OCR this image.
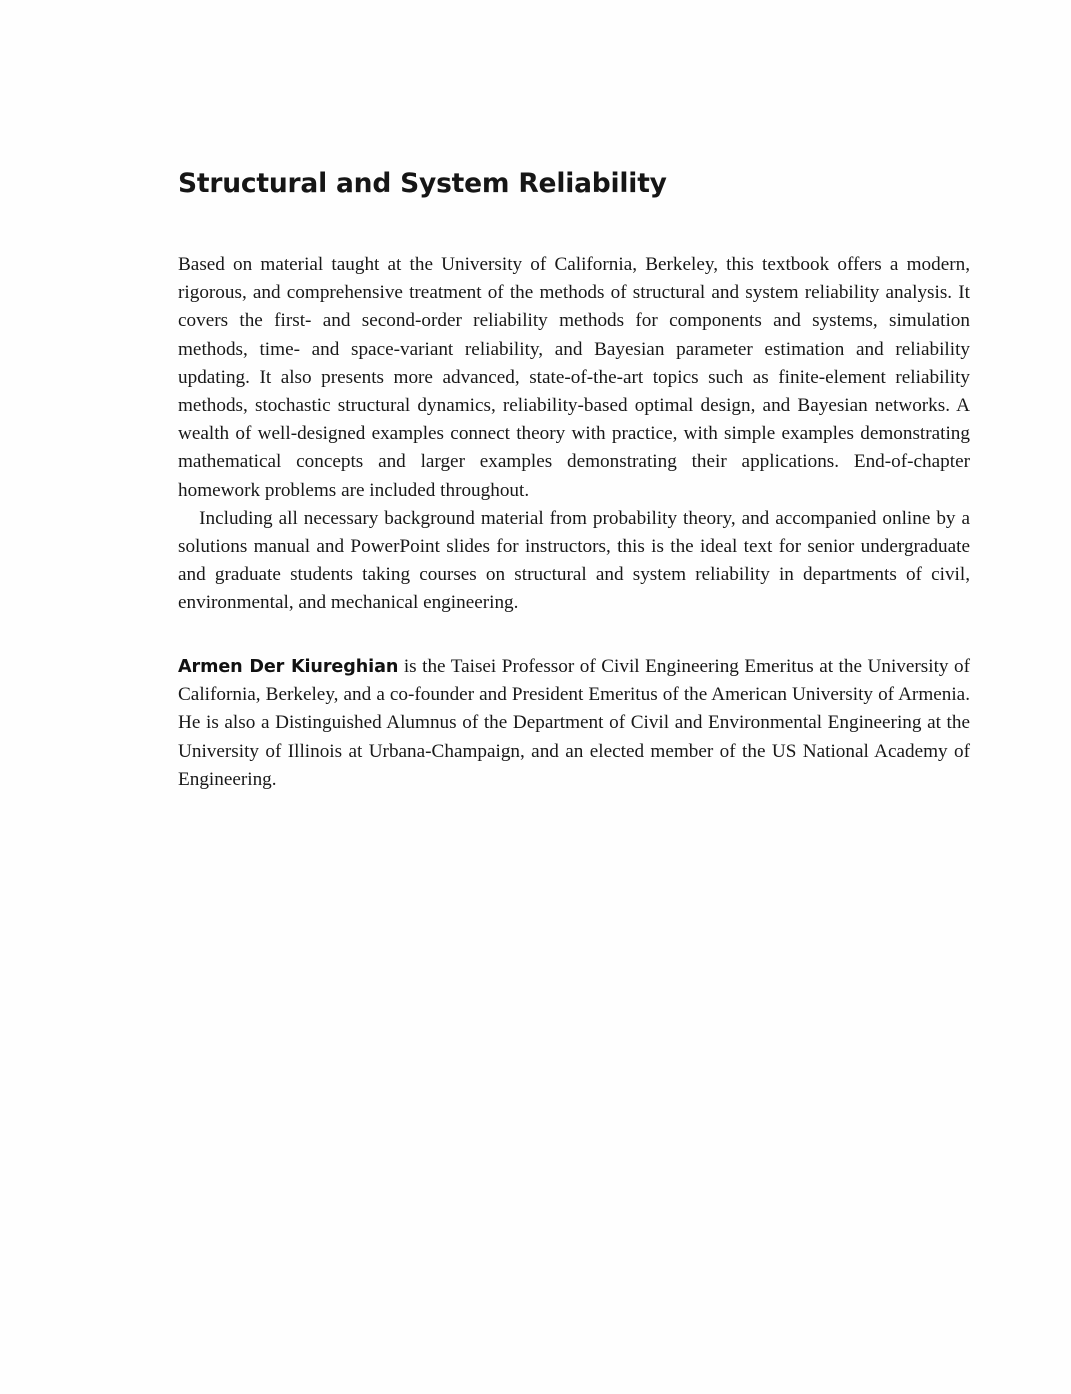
Structural and System Reliability

Based on material taught at the University of California, Berkeley, this textbook offers a modern, rigorous, and comprehensive treatment of the methods of structural and system reliability analysis. It covers the first- and second-order reliability methods for components and systems, simulation methods, time- and space-variant reliability, and Bayesian parameter estimation and reliability updating. It also presents more advanced, state-of-the-art topics such as finite-element reliability methods, stochastic structural dynamics, reliability-based optimal design, and Bayesian networks. A wealth of well-designed examples connect theory with practice, with simple examples demonstrating mathematical concepts and larger examples demonstrating their applications. End-of-chapter homework problems are included throughout.

Including all necessary background material from probability theory, and accompanied online by a solutions manual and PowerPoint slides for instructors, this is the ideal text for senior undergraduate and graduate students taking courses on structural and system reliability in departments of civil, environmental, and mechanical engineering.

Armen Der Kiureghian is the Taisei Professor of Civil Engineering Emeritus at the University of California, Berkeley, and a co-founder and President Emeritus of the American University of Armenia. He is also a Distinguished Alumnus of the Department of Civil and Environmental Engineering at the University of Illinois at Urbana-Champaign, and an elected member of the US National Academy of Engineering.
